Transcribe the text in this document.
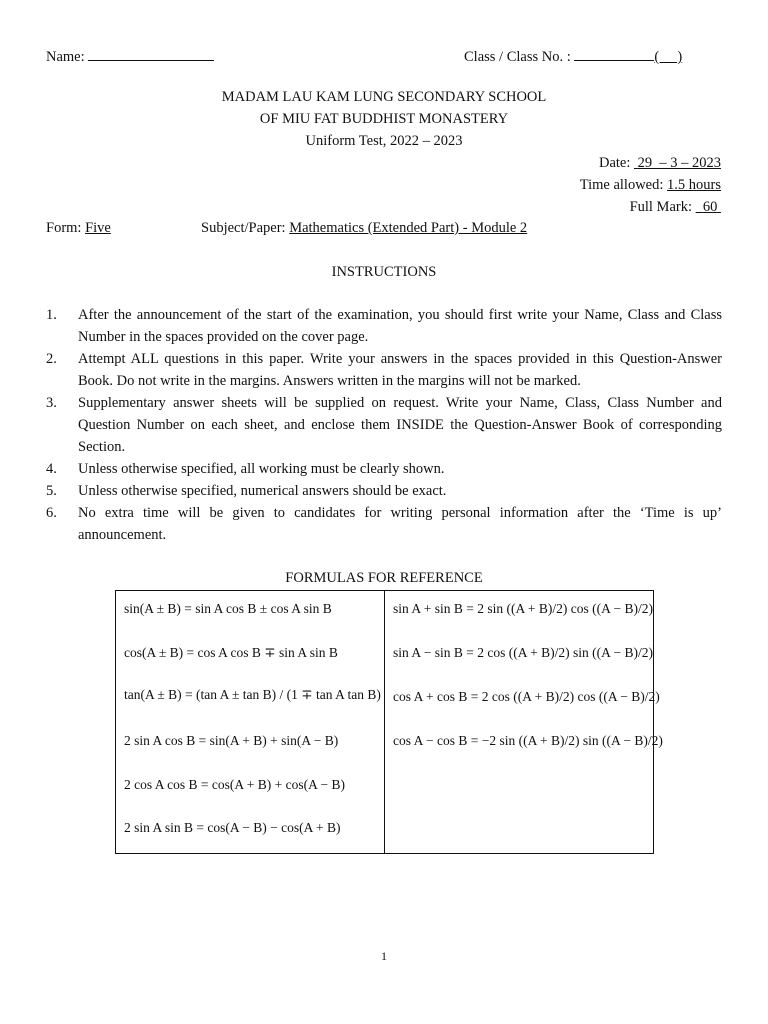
Name:	Class / Class No. :	(     )
MADAM LAU KAM LUNG SECONDARY SCHOOL
OF MIU FAT BUDDHIST MONASTERY
Uniform Test, 2022 – 2023
Date: 29  – 3 – 2023
Time allowed: 1.5 hours
Full Mark: 60
Form: Five	Subject/Paper: Mathematics (Extended Part) - Module 2
INSTRUCTIONS
1.	After the announcement of the start of the examination, you should first write your Name, Class and Class Number in the spaces provided on the cover page.
2.	Attempt ALL questions in this paper. Write your answers in the spaces provided in this Question-Answer Book. Do not write in the margins. Answers written in the margins will not be marked.
3.	Supplementary answer sheets will be supplied on request. Write your Name, Class, Class Number and Question Number on each sheet, and enclose them INSIDE the Question-Answer Book of corresponding Section.
4.	Unless otherwise specified, all working must be clearly shown.
5.	Unless otherwise specified, numerical answers should be exact.
6.	No extra time will be given to candidates for writing personal information after the ‘Time is up’ announcement.
FORMULAS FOR REFERENCE
sin(A ± B) = sin A cos B ± cos A sin B
cos(A ± B) = cos A cos B ∓ sin A sin B
tan(A ± B) = (tan A ± tan B) / (1 ∓ tan A tan B)
2 sin A cos B = sin(A + B) + sin(A − B)
2 cos A cos B = cos(A + B) + cos(A − B)
2 sin A sin B = cos(A − B) − cos(A + B)

sin A + sin B = 2 sin ((A + B)/2) cos ((A − B)/2)
sin A − sin B = 2 cos ((A + B)/2) sin ((A − B)/2)
cos A + cos B = 2 cos ((A + B)/2) cos ((A − B)/2)
cos A − cos B = −2 sin ((A + B)/2) sin ((A − B)/2)
1
